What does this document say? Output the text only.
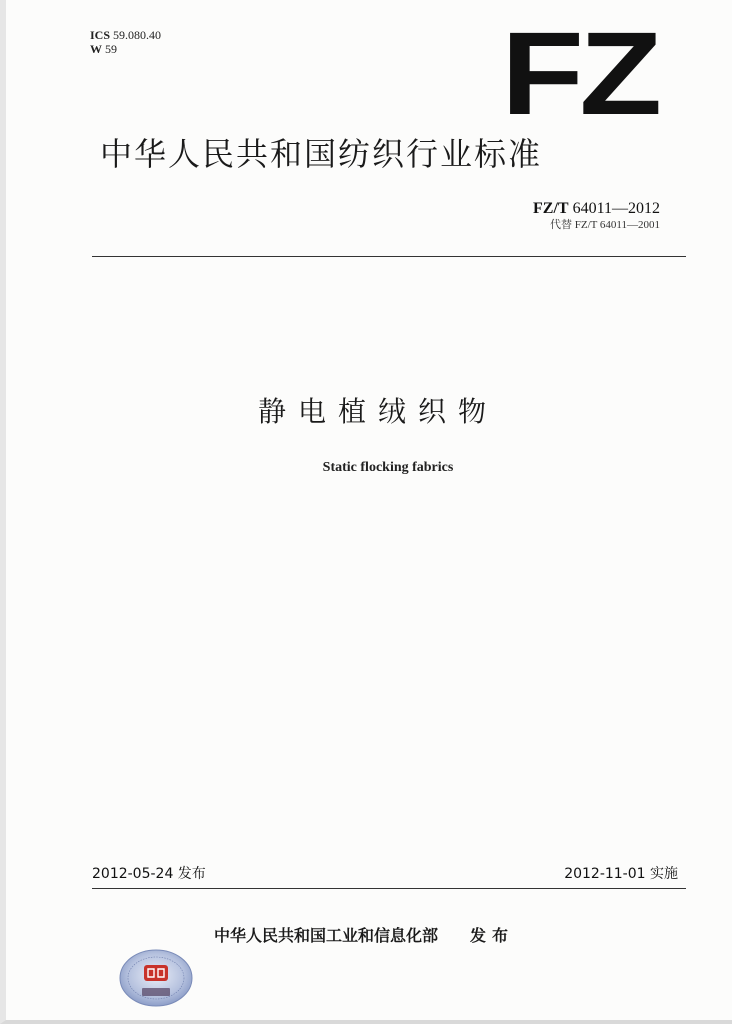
ICS 59.080.40
W 59	FZ
中华人民共和国纺织行业标准
FZ/T 64011—2012
代替 FZ/T 64011—2001
静电植绒织物
Static flocking fabrics
2012-05-24 发布	2012-11-01 实施
中华人民共和国工业和信息化部 发布
